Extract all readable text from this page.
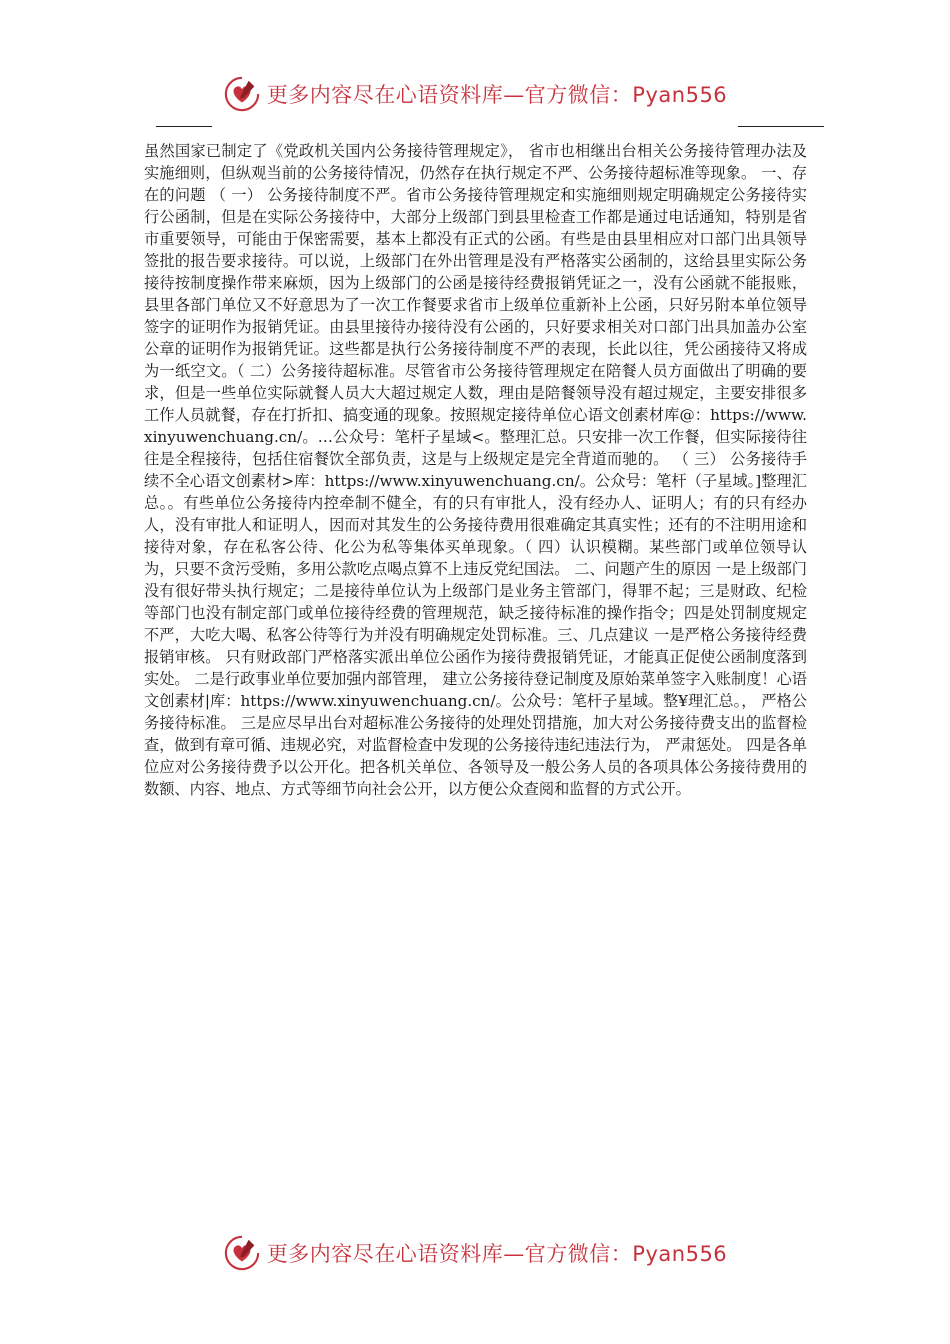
更多内容尽在心语资料库—官方微信：Pyan556

虽然国家已制定了《党政机关国内公务接待管理规定》， 省市也相继出台相关公务接待管理办法及实施细则，但纵观当前的公务接待情况，仍然存在执行规定不严、公务接待超标准等现象。 一、存在的问题 （ 一） 公务接待制度不严。省市公务接待管理规定和实施细则规定明确规定公务接待实行公函制，但是在实际公务接待中，大部分上级部门到县里检查工作都是通过电话通知，特别是省市重要领导，可能由于保密需要，基本上都没有正式的公函。有些是由县里相应对口部门出具领导签批的报告要求接待。可以说，上级部门在外出管理是没有严格落实公函制的，这给县里实际公务接待按制度操作带来麻烦，因为上级部门的公函是接待经费报销凭证之一，没有公函就不能报账，县里各部门单位又不好意思为了一次工作餐要求省市上级单位重新补上公函，只好另附本单位领导签字的证明作为报销凭证。由县里接待办接待没有公函的，只好要求相关对口部门出具加盖办公室公章的证明作为报销凭证。这些都是执行公务接待制度不严的表现，长此以往，凭公函接待又将成为一纸空文。（ 二）公务接待超标准。尽管省市公务接待管理规定在陪餐人员方面做出了明确的要求，但是一些单位实际就餐人员大大超过规定人数，理由是陪餐领导没有超过规定，主要安排很多工作人员就餐，存在打折扣、搞变通的现象。按照规定接待单位心语文创素材库@：https://www.xinyuwenchuang.cn/。…公众号：笔杆子星域<。整理汇总。只安排一次工作餐，但实际接待往往是全程接待，包括住宿餐饮全部负责，这是与上级规定是完全背道而驰的。 （ 三） 公务接待手续不全心语文创素材>库：https://www.xinyuwenchuang.cn/。公众号：笔杆（子星域。]整理汇总。。有些单位公务接待内控牵制不健全，有的只有审批人，没有经办人、证明人；有的只有经办人，没有审批人和证明人，因而对其发生的公务接待费用很难确定其真实性；还有的不注明用途和接待对象，存在私客公待、化公为私等集体买单现象。（ 四）认识模糊。某些部门或单位领导认为，只要不贪污受贿，多用公款吃点喝点算不上违反党纪国法。 二、问题产生的原因 一是上级部门没有很好带头执行规定；二是接待单位认为上级部门是业务主管部门，得罪不起；三是财政、纪检等部门也没有制定部门或单位接待经费的管理规范，缺乏接待标准的操作指令；四是处罚制度规定不严，大吃大喝、私客公待等行为并没有明确规定处罚标准。三、几点建议 一是严格公务接待经费报销审核。 只有财政部门严格落实派出单位公函作为接待费报销凭证，才能真正促使公函制度落到实处。 二是行政事业单位要加强内部管理， 建立公务接待登记制度及原始菜单签字入账制度！心语文创素材|库：https://www.xinyuwenchuang.cn/。公众号：笔杆子星域。整¥理汇总。， 严格公务接待标准。 三是应尽早出台对超标准公务接待的处理处罚措施，加大对公务接待费支出的监督检查，做到有章可循、违规必究，对监督检查中发现的公务接待违纪违法行为， 严肃惩处。 四是各单位应对公务接待费予以公开化。把各机关单位、各领导及一般公务人员的各项具体公务接待费用的数额、内容、地点、方式等细节向社会公开，以方便公众查阅和监督的方式公开。

更多内容尽在心语资料库—官方微信：Pyan556
